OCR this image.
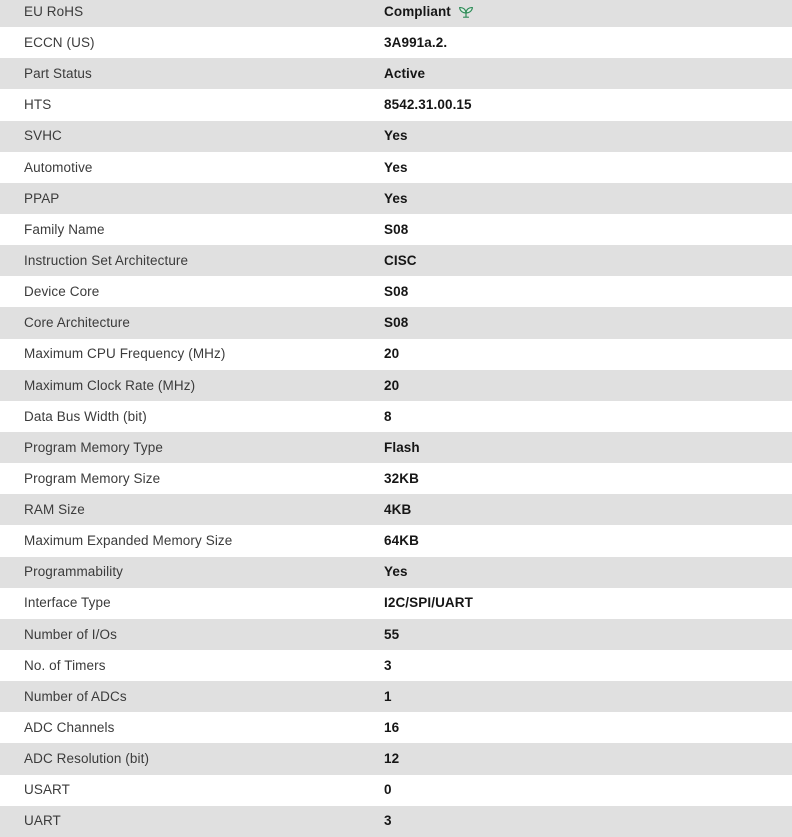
EU RoHS	Compliant
ECCN (US)	3A991a.2.
Part Status	Active
HTS	8542.31.00.15
SVHC	Yes
Automotive	Yes
PPAP	Yes
Family Name	S08
Instruction Set Architecture	CISC
Device Core	S08
Core Architecture	S08
Maximum CPU Frequency (MHz)	20
Maximum Clock Rate (MHz)	20
Data Bus Width (bit)	8
Program Memory Type	Flash
Program Memory Size	32KB
RAM Size	4KB
Maximum Expanded Memory Size	64KB
Programmability	Yes
Interface Type	I2C/SPI/UART
Number of I/Os	55
No. of Timers	3
Number of ADCs	1
ADC Channels	16
ADC Resolution (bit)	12
USART	0
UART	3
